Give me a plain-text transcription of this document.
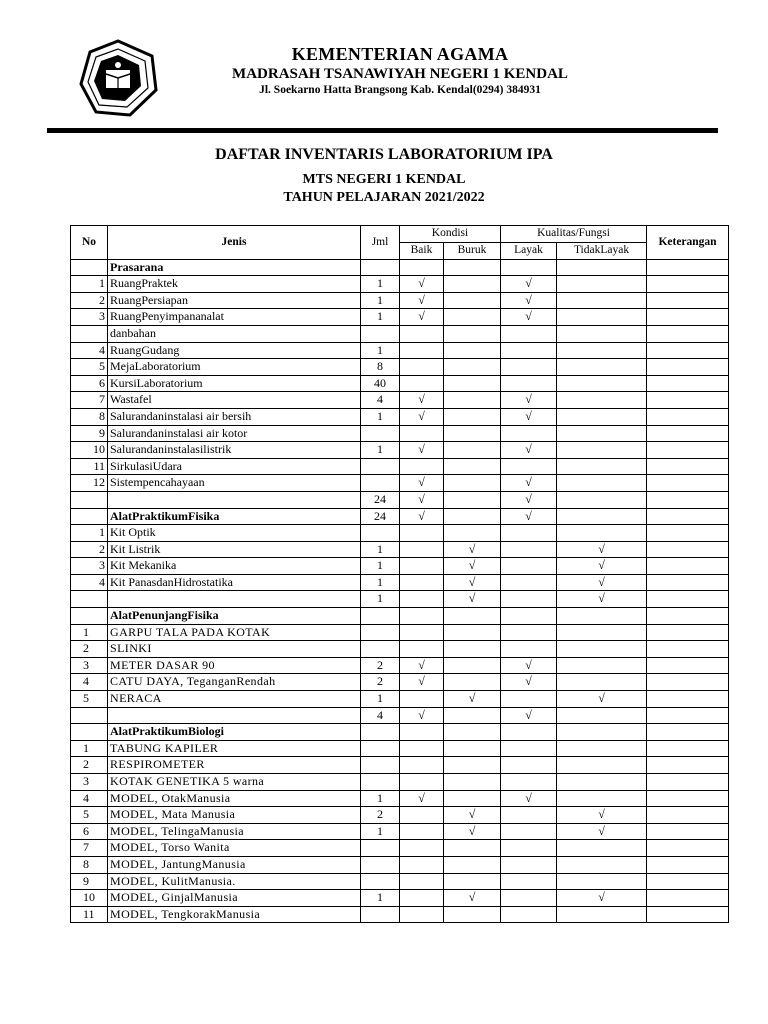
KEMENTERIAN AGAMA
MADRASAH TSANAWIYAH NEGERI 1 KENDAL
Jl. Soekarno Hatta Brangsong Kab. Kendal(0294) 384931
DAFTAR INVENTARIS LABORATORIUM IPA
MTS NEGERI 1 KENDAL
TAHUN PELAJARAN 2021/2022
No	Jenis	Jml	Kondisi		Kualitas/Fungsi		Keterangan
			Baik	Buruk	Layak	TidakLayak	
	Prasarana						
1	RuangPraktek	1	√		√		
2	RuangPersiapan	1	√		√		
3	RuangPenyimpananalat	1	√		√		
	danbahan						
4	RuangGudang	1					
5	MejaLaboratorium	8					
6	KursiLaboratorium	40					
7	Wastafel	4	√		√		
8	Salurandaninstalasi air bersih	1	√		√		
9	Salurandaninstalasi air kotor						
10	Salurandaninstalasilistrik	1	√		√		
11	SirkulasiUdara						
12	Sistempencahayaan		√		√		
		24	√		√		
	AlatPraktikumFisika	24	√		√		
1	Kit Optik						
2	Kit Listrik	1		√		√	
3	Kit Mekanika	1		√		√	
4	Kit PanasdanHidrostatika	1		√		√	
		1		√		√	
	AlatPenunjangFisika						
1	GARPU TALA PADA KOTAK						
2	SLINKI						
3	METER DASAR 90	2	√		√		
4	CATU DAYA, TeganganRendah	2	√		√		
5	NERACA	1		√		√	
		4	√		√		
	AlatPraktikumBiologi						
1	TABUNG KAPILER						
2	RESPIROMETER						
3	KOTAK GENETIKA 5 warna						
4	MODEL, OtakManusia	1	√		√		
5	MODEL, Mata Manusia	2		√		√	
6	MODEL, TelingaManusia	1		√		√	
7	MODEL, Torso Wanita						
8	MODEL, JantungManusia						
9	MODEL, KulitManusia.						
10	MODEL, GinjalManusia	1		√		√	
11	MODEL, TengkorakManusia						
